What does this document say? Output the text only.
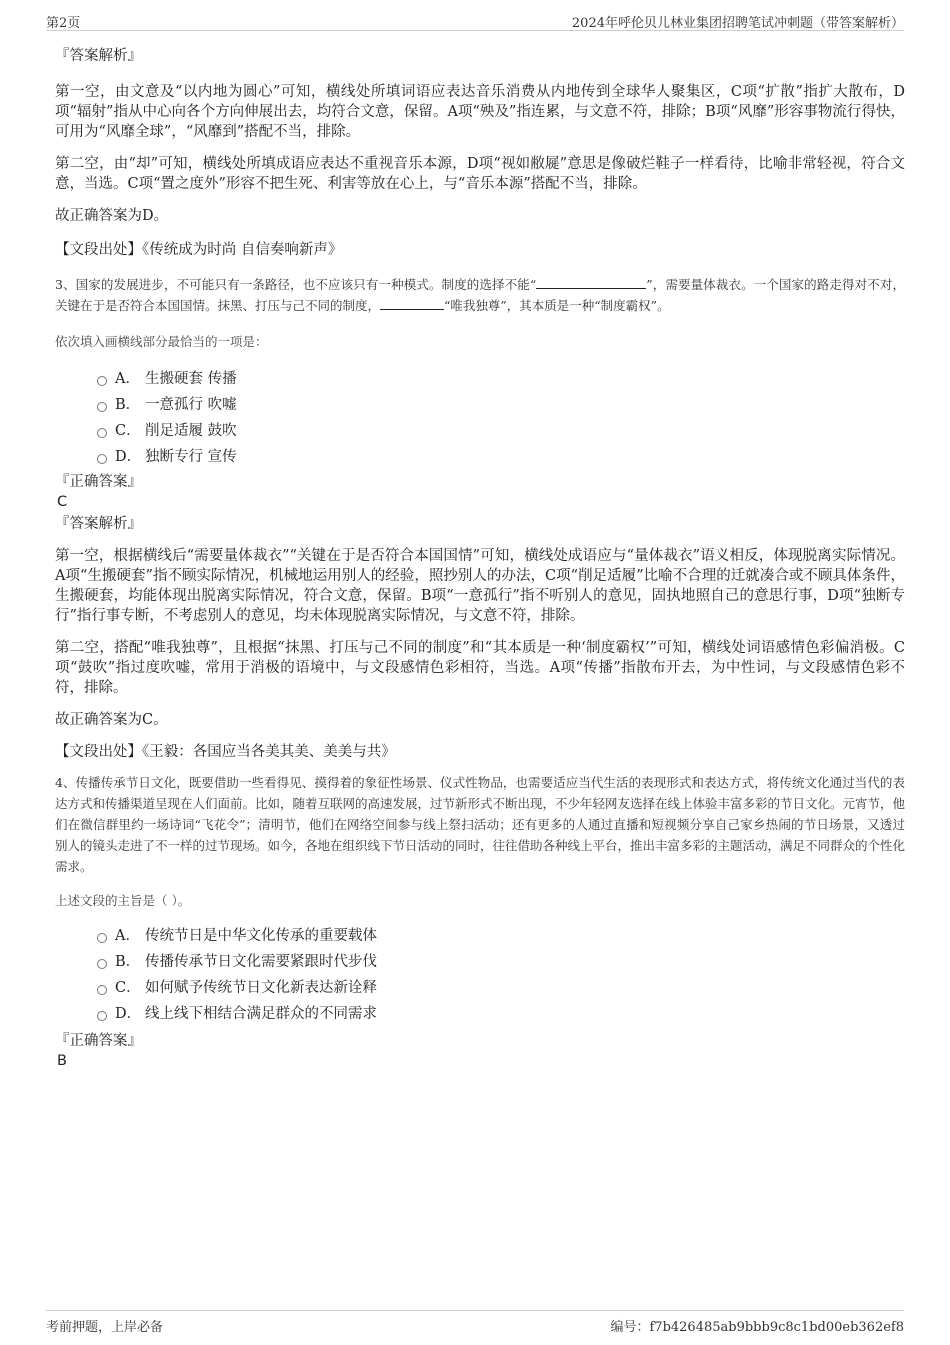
第2页	2024年呼伦贝儿林业集团招聘笔试冲刺题（带答案解析）

『答案解析』

第一空，由文意及“以内地为圆心”可知，横线处所填词语应表达音乐消费从内地传到全球华人聚集区，C项“扩散”指扩大散布，D项“辐射”指从中心向各个方向伸展出去，均符合文意，保留。A项“殃及”指连累，与文意不符，排除；B项“风靡”形容事物流行得快，可用为“风靡全球”，“风靡到”搭配不当，排除。

第二空，由“却”可知，横线处所填成语应表达不重视音乐本源，D项“视如敝屣”意思是像破烂鞋子一样看待，比喻非常轻视，符合文意，当选。C项“置之度外”形容不把生死、利害等放在心上，与“音乐本源”搭配不当，排除。

故正确答案为D。

【文段出处】《传统成为时尚 自信奏响新声》

3、国家的发展进步，不可能只有一条路径，也不应该只有一种模式。制度的选择不能“	”，需要量体裁衣。一个国家的路走得对不对，关键在于是否符合本国国情。抹黑、打压与己不同的制度，	“唯我独尊”，其本质是一种“制度霸权”。

依次填入画横线部分最恰当的一项是：

A． 生搬硬套 传播
B． 一意孤行 吹嘘
C． 削足适履 鼓吹
D． 独断专行 宣传

『正确答案』

C

『答案解析』

第一空，根据横线后“需要量体裁衣”“关键在于是否符合本国国情”可知，横线处成语应与“量体裁衣”语义相反，体现脱离实际情况。A项“生搬硬套”指不顾实际情况，机械地运用别人的经验，照抄别人的办法，C项“削足适履”比喻不合理的迁就凑合或不顾具体条件，生搬硬套，均能体现出脱离实际情况，符合文意，保留。B项“一意孤行”指不听别人的意见，固执地照自己的意思行事，D项“独断专行”指行事专断，不考虑别人的意见，均未体现脱离实际情况，与文意不符，排除。

第二空，搭配“唯我独尊”，且根据“抹黑、打压与己不同的制度”和“其本质是一种‘制度霸权’”可知，横线处词语感情色彩偏消极。C项“鼓吹”指过度吹嘘，常用于消极的语境中，与文段感情色彩相符，当选。A项“传播”指散布开去，为中性词，与文段感情色彩不符，排除。

故正确答案为C。

【文段出处】《王毅：各国应当各美其美、美美与共》

4、传播传承节日文化，既要借助一些看得见、摸得着的象征性场景、仪式性物品，也需要适应当代生活的表现形式和表达方式，将传统文化通过当代的表达方式和传播渠道呈现在人们面前。比如，随着互联网的高速发展，过节新形式不断出现，不少年轻网友选择在线上体验丰富多彩的节日文化。元宵节，他们在微信群里约一场诗词“飞花令”；清明节，他们在网络空间参与线上祭扫活动；还有更多的人通过直播和短视频分享自己家乡热闹的节日场景，又透过别人的镜头走进了不一样的过节现场。如今，各地在组织线下节日活动的同时，往往借助各种线上平台，推出丰富多彩的主题活动，满足不同群众的个性化需求。

上述文段的主旨是（ ）。

A． 传统节日是中华文化传承的重要载体
B． 传播传承节日文化需要紧跟时代步伐
C． 如何赋予传统节日文化新表达新诠释
D． 线上线下相结合满足群众的不同需求

『正确答案』

B

考前押题，上岸必备	编号：f7b426485ab9bbb9c8c1bd00eb362ef8
